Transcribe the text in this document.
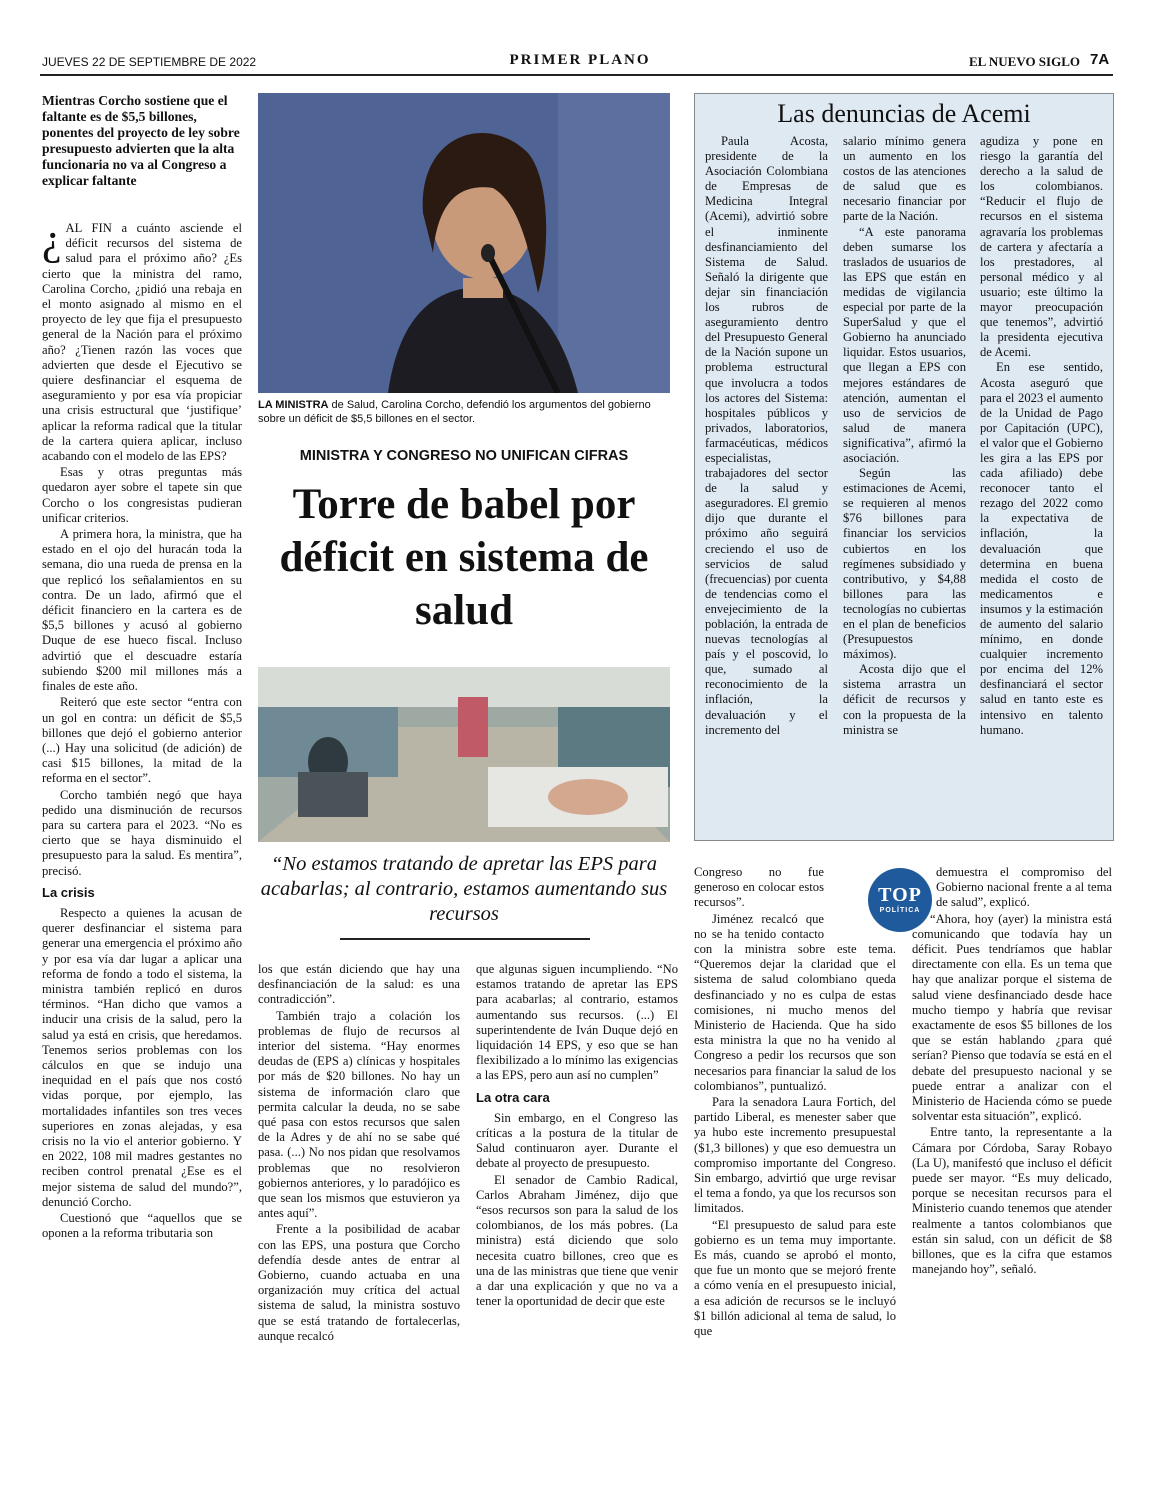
JUEVES 22 DE SEPTIEMBRE DE 2022	PRIMER PLANO	EL NUEVO SIGLO 7A
Mientras Corcho sostiene que el faltante es de $5,5 billones, ponentes del proyecto de ley sobre presupuesto advierten que la alta funcionaria no va al Congreso a explicar faltante
LA MINISTRA de Salud, Carolina Corcho, defendió los argumentos del gobierno sobre un déficit de $5,5 billones en el sector.
MINISTRA Y CONGRESO NO UNIFICAN CIFRAS
Torre de babel por déficit en sistema de salud
“No estamos tratando de apretar las EPS para acabarlas; al contrario, estamos aumentando sus recursos
Las denuncias de Acemi

Paula Acosta, presidente de la Asociación Colombiana de Empresas de Medicina Integral (Acemi), advirtió sobre el inminente desfinanciamiento del Sistema de Salud. Señaló la dirigente que dejar sin financiación los rubros de aseguramiento dentro del Presupuesto General de la Nación supone un problema estructural que involucra a todos los actores del Sistema: hospitales públicos y privados, laboratorios, farmacéuticas, médicos especialistas, trabajadores del sector de la salud y aseguradores. El gremio dijo que durante el próximo año seguirá creciendo el uso de servicios de salud (frecuencias) por cuenta de tendencias como el envejecimiento de la población, la entrada de nuevas tecnologías al país y el poscovid, lo que, sumado al reconocimiento de la inflación, la devaluación y el incremento del

salario mínimo genera un aumento en los costos de las atenciones de salud que es necesario financiar por parte de la Nación.

“A este panorama deben sumarse los traslados de usuarios de las EPS que están en medidas de vigilancia especial por parte de la SuperSalud y que el Gobierno ha anunciado liquidar. Estos usuarios, que llegan a EPS con mejores estándares de atención, aumentan el uso de servicios de salud de manera significativa”, afirmó la asociación.

Según las estimaciones de Acemi, se requieren al menos $76 billones para financiar los servicios cubiertos en los regímenes subsidiado y contributivo, y $4,88 billones para las tecnologías no cubiertas en el plan de beneficios (Presupuestos máximos).

Acosta dijo que el sistema arrastra un déficit de recursos y con la propuesta de la ministra se

agudiza y pone en riesgo la garantía del derecho a la salud de los colombianos. “Reducir el flujo de recursos en el sistema agravaría los problemas de cartera y afectaría a los prestadores, al personal médico y al usuario; este último la mayor preocupación que tenemos”, advirtió la presidenta ejecutiva de Acemi.

En ese sentido, Acosta aseguró que para el 2023 el aumento de la Unidad de Pago por Capitación (UPC), el valor que el Gobierno les gira a las EPS por cada afiliado) debe reconocer tanto el rezago del 2022 como la expectativa de inflación, la devaluación que determina en buena medida el costo de medicamentos e insumos y la estimación de aumento del salario mínimo, en donde cualquier incremento por encima del 12% desfinanciará el sector salud en tanto este es intensivo en talento humano.

¿ AL FIN a cuánto asciende el déficit recursos del sistema de salud para el próximo año? ¿Es cierto que la ministra del ramo, Carolina Corcho, ¿pidió una rebaja en el monto asignado al mismo en el proyecto de ley que fija el presupuesto general de la Nación para el próximo año? ¿Tienen razón las voces que advierten que desde el Ejecutivo se quiere desfinanciar el esquema de aseguramiento y por esa vía propiciar una crisis estructural que ‘justifique’ aplicar la reforma radical que la titular de la cartera quiera aplicar, incluso acabando con el modelo de las EPS?

Esas y otras preguntas más quedaron ayer sobre el tapete sin que Corcho o los congresistas pudieran unificar criterios.

A primera hora, la ministra, que ha estado en el ojo del huracán toda la semana, dio una rueda de prensa en la que replicó los señalamientos en su contra. De un lado, afirmó que el déficit financiero en la cartera es de $5,5 billones y acusó al gobierno Duque de ese hueco fiscal. Incluso advirtió que el descuadre estaría subiendo $200 mil millones más a finales de este año.

Reiteró que este sector “entra con un gol en contra: un déficit de $5,5 billones que dejó el gobierno anterior (...) Hay una solicitud (de adición) de casi $15 billones, la mitad de la reforma en el sector”.

Corcho también negó que haya pedido una disminución de recursos para su cartera para el 2023. “No es cierto que se haya disminuido el presupuesto para la salud. Es mentira”, precisó.

La crisis

Respecto a quienes la acusan de querer desfinanciar el sistema para generar una emergencia el próximo año y por esa vía dar lugar a aplicar una reforma de fondo a todo el sistema, la ministra también replicó en duros términos. “Han dicho que vamos a inducir una crisis de la salud, pero la salud ya está en crisis, que heredamos. Tenemos serios problemas con los cálculos en que se indujo una inequidad en el país que nos costó vidas porque, por ejemplo, las mortalidades infantiles son tres veces superiores en zonas alejadas, y esa crisis no la vio el anterior gobierno. Y en 2022, 108 mil madres gestantes no reciben control prenatal ¿Ese es el mejor sistema de salud del mundo?”, denunció Corcho.

Cuestionó que “aquellos que se oponen a la reforma tributaria son

los que están diciendo que hay una desfinanciación de la salud: es una contradicción”.

También trajo a colación los problemas de flujo de recursos al interior del sistema. “Hay enormes deudas de (EPS a) clínicas y hospitales por más de $20 billones. No hay un sistema de información claro que permita calcular la deuda, no se sabe qué pasa con estos recursos que salen de la Adres y de ahí no se sabe qué pasa. (...) No nos pidan que resolvamos problemas que no resolvieron gobiernos anteriores, y lo paradójico es que sean los mismos que estuvieron ya antes aquí”.

Frente a la posibilidad de acabar con las EPS, una postura que Corcho defendía desde antes de entrar al Gobierno, cuando actuaba en una organización muy crítica del actual sistema de salud, la ministra sostuvo que se está tratando de fortalecerlas, aunque recalcó

que algunas siguen incumpliendo. “No estamos tratando de apretar las EPS para acabarlas; al contrario, estamos aumentando sus recursos. (...) El superintendente de Iván Duque dejó en liquidación 14 EPS, y eso que se han flexibilizado a lo mínimo las exigencias a las EPS, pero aun así no cumplen”

La otra cara

Sin embargo, en el Congreso las críticas a la postura de la titular de Salud continuaron ayer. Durante el debate al proyecto de presupuesto.

El senador de Cambio Radical, Carlos Abraham Jiménez, dijo que “esos recursos son para la salud de los colombianos, de los más pobres. (La ministra) está diciendo que solo necesita cuatro billones, creo que es una de las ministras que tiene que venir a dar una explicación y que no va a tener la oportunidad de decir que este

Congreso no fue generoso en colocar estos recursos”.

Jiménez recalcó que no se ha tenido contacto con la ministra sobre este tema. “Queremos dejar la claridad que el sistema de salud colombiano queda desfinanciado y no es culpa de estas comisiones, ni mucho menos del Ministerio de Hacienda. Que ha sido esta ministra la que no ha venido al Congreso a pedir los recursos que son necesarios para financiar la salud de los colombianos”, puntualizó.

Para la senadora Laura Fortich, del partido Liberal, es menester saber que ya hubo este incremento presupuestal ($1,3 billones) y que eso demuestra un compromiso importante del Congreso. Sin embargo, advirtió que urge revisar el tema a fondo, ya que los recursos son limitados.

“El presupuesto de salud para este gobierno es un tema muy importante. Es más, cuando se aprobó el monto, que fue un monto que se mejoró frente a cómo venía en el presupuesto inicial, a esa adición de recursos se le incluyó $1 billón adicional al tema de salud, lo que

TOP
POLÍTICA

demuestra el compromiso del Gobierno nacional frente a al tema de salud”, explicó.

“Ahora, hoy (ayer) la ministra está comunicando que todavía hay un déficit. Pues tendríamos que hablar directamente con ella. Es un tema que hay que analizar porque el sistema de salud viene desfinanciado desde hace mucho tiempo y habría que revisar exactamente de esos $5 billones de los que se están hablando ¿para qué serían? Pienso que todavía se está en el debate del presupuesto nacional y se puede entrar a analizar con el Ministerio de Hacienda cómo se puede solventar esta situación”, explicó.

Entre tanto, la representante a la Cámara por Córdoba, Saray Robayo (La U), manifestó que incluso el déficit puede ser mayor. “Es muy delicado, porque se necesitan recursos para el Ministerio cuando tenemos que atender realmente a tantos colombianos que están sin salud, con un déficit de $8 billones, que es la cifra que estamos manejando hoy”, señaló.
